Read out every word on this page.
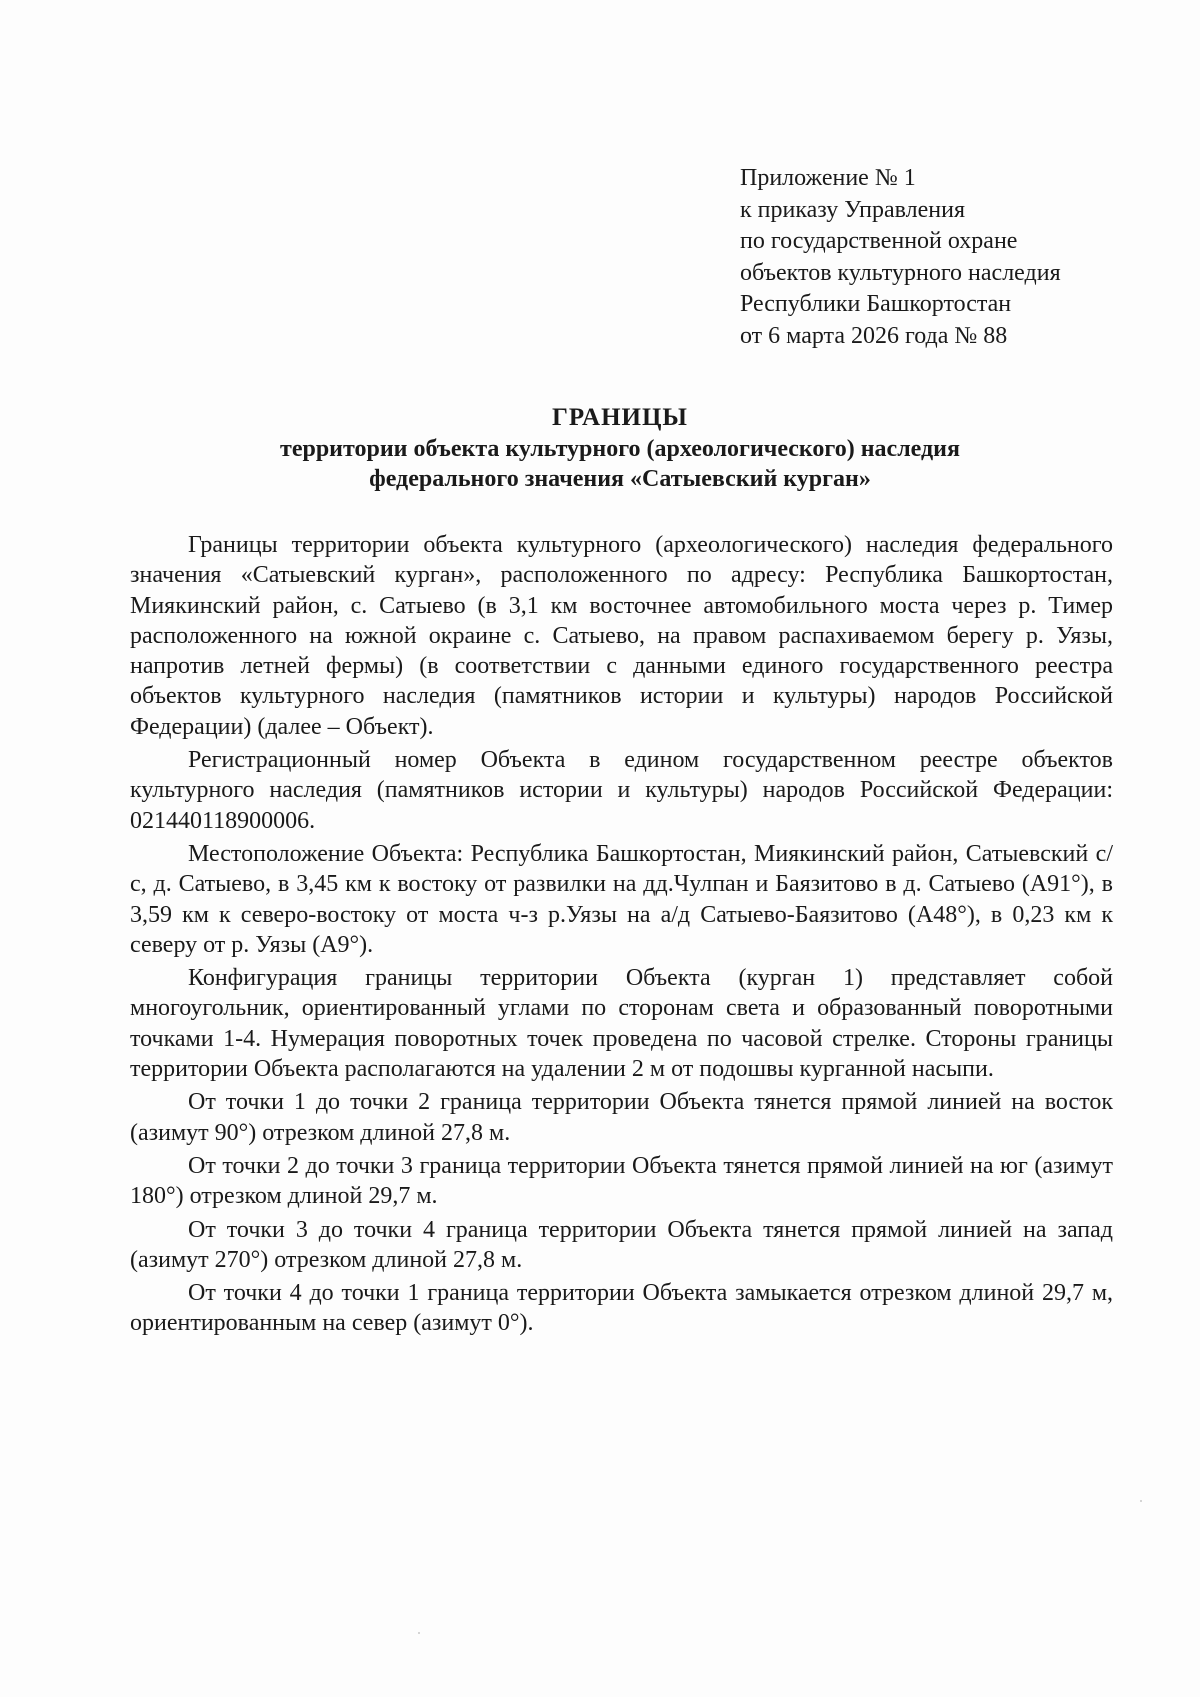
Приложение № 1
к приказу Управления
по государственной охране
объектов культурного наследия
Республики Башкортостан
от 6 марта 2026 года № 88
ГРАНИЦЫ
территории объекта культурного (археологического) наследия
федерального значения «Сатыевский курган»

Границы территории объекта культурного (археологического) наследия федерального значения «Сатыевский курган», расположенного по адресу: Республика Башкортостан, Миякинский район, с. Сатыево (в 3,1 км восточнее автомобильного моста через р. Тимер расположенного на южной окраине с. Сатыево, на правом распахиваемом берегу р. Уязы, напротив летней фермы) (в соответствии с данными единого государственного реестра объектов культурного наследия (памятников истории и культуры) народов Российской Федерации) (далее – Объект).

Регистрационный номер Объекта в едином государственном реестре объектов культурного наследия (памятников истории и культуры) народов Российской Федерации: 021440118900006.

Местоположение Объекта: Республика Башкортостан, Миякинский район, Сатыевский с/с, д. Сатыево, в 3,45 км к востоку от развилки на дд.Чулпан и Баязитово в д. Сатыево (А91°), в 3,59 км к северо-востоку от моста ч-з р.Уязы на а/д Сатыево-Баязитово (А48°), в 0,23 км к северу от р. Уязы (А9°).

Конфигурация границы территории Объекта (курган 1) представляет собой многоугольник, ориентированный углами по сторонам света и образованный поворотными точками 1-4. Нумерация поворотных точек проведена по часовой стрелке. Стороны границы территории Объекта располагаются на удалении 2 м от подошвы курганной насыпи.

От точки 1 до точки 2 граница территории Объекта тянется прямой линией на восток (азимут 90°) отрезком длиной 27,8 м.

От точки 2 до точки 3 граница территории Объекта тянется прямой линией на юг (азимут 180°) отрезком длиной 29,7 м.

От точки 3 до точки 4 граница территории Объекта тянется прямой линией на запад (азимут 270°) отрезком длиной 27,8 м.

От точки 4 до точки 1 граница территории Объекта замыкается отрезком длиной 29,7 м, ориентированным на север (азимут 0°).
